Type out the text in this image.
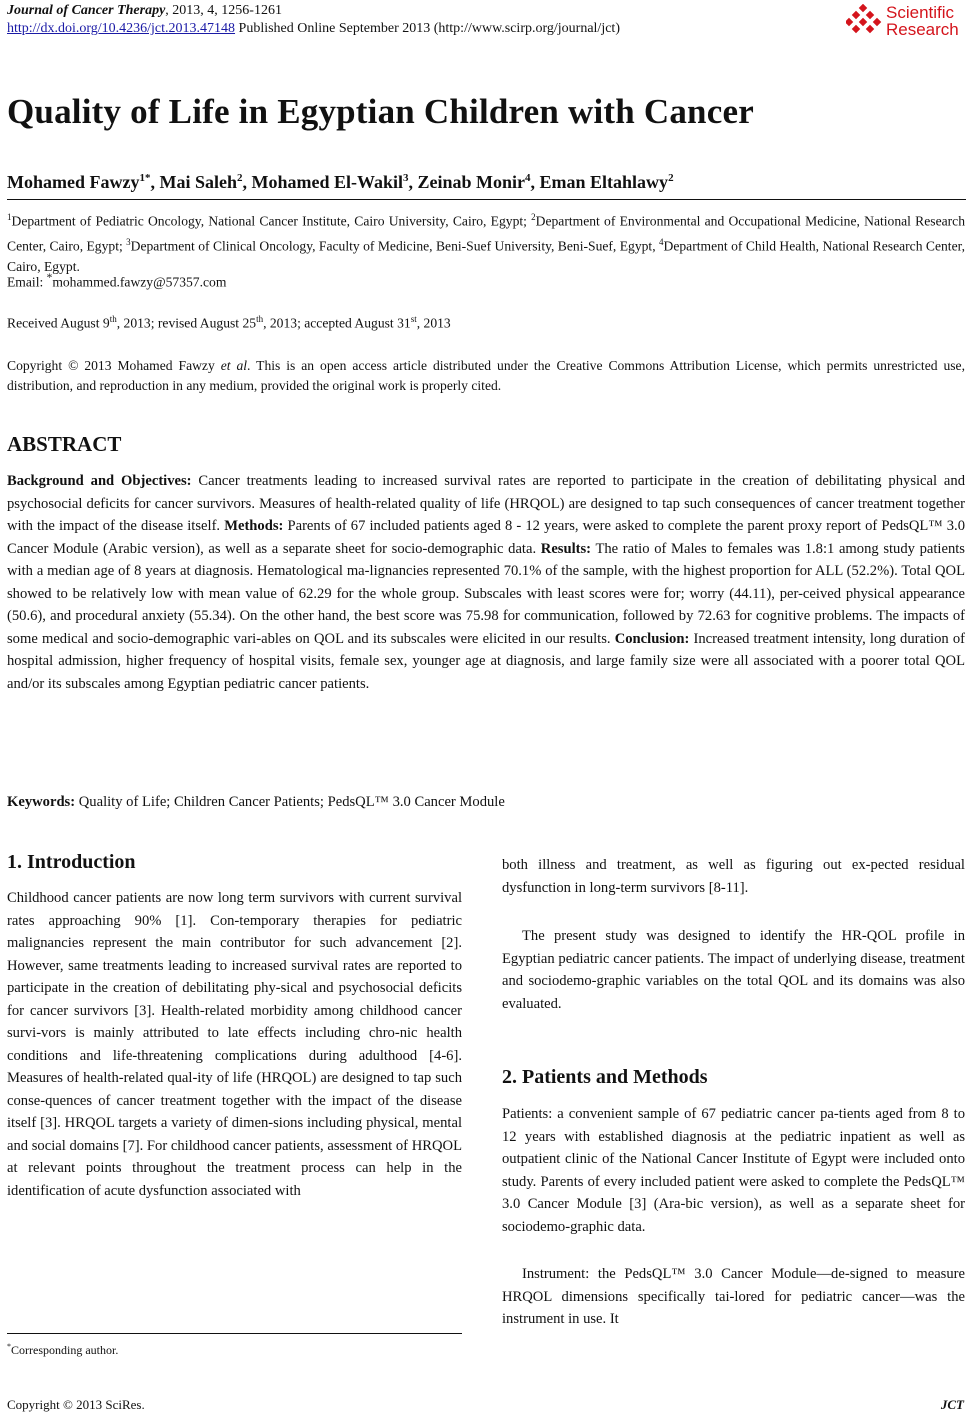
Journal of Cancer Therapy, 2013, 4, 1256-1261
http://dx.doi.org/10.4236/jct.2013.47148 Published Online September 2013 (http://www.scirp.org/journal/jct)
Scientific
Research
Quality of Life in Egyptian Children with Cancer
Mohamed Fawzy$^{1*}$, Mai Saleh$^2$, Mohamed El-Wakil$^3$, Zeinab Monir$^4$, Eman Eltahlawy$^2$
$^1$Department of Pediatric Oncology, National Cancer Institute, Cairo University, Cairo, Egypt; $^2$Department of Environmental and Occupational Medicine, National Research Center, Cairo, Egypt; $^3$Department of Clinical Oncology, Faculty of Medicine, Beni-Suef University, Beni-Suef, Egypt, $^4$Department of Child Health, National Research Center, Cairo, Egypt.
Email: *mohammed.fawzy@57357.com
Received August 9th, 2013; revised August 25th, 2013; accepted August 31st, 2013
Copyright © 2013 Mohamed Fawzy et al. This is an open access article distributed under the Creative Commons Attribution License, which permits unrestricted use, distribution, and reproduction in any medium, provided the original work is properly cited.
ABSTRACT

Background and Objectives: Cancer treatments leading to increased survival rates are reported to participate in the creation of debilitating physical and psychosocial deficits for cancer survivors. Measures of health-related quality of life (HRQOL) are designed to tap such consequences of cancer treatment together with the impact of the disease itself. Methods: Parents of 67 included patients aged 8 - 12 years, were asked to complete the parent proxy report of PedsQL™ 3.0 Cancer Module (Arabic version), as well as a separate sheet for socio-demographic data. Results: The ratio of Males to females was 1.8:1 among study patients with a median age of 8 years at diagnosis. Hematological ma-lignancies represented 70.1% of the sample, with the highest proportion for ALL (52.2%). Total QOL showed to be relatively low with mean value of 62.29 for the whole group. Subscales with least scores were for; worry (44.11), per-ceived physical appearance (50.6), and procedural anxiety (55.34). On the other hand, the best score was 75.98 for communication, followed by 72.63 for cognitive problems. The impacts of some medical and socio-demographic vari-ables on QOL and its subscales were elicited in our results. Conclusion: Increased treatment intensity, long duration of hospital admission, higher frequency of hospital visits, female sex, younger age at diagnosis, and large family size were all associated with a poorer total QOL and/or its subscales among Egyptian pediatric cancer patients.

Keywords: Quality of Life; Children Cancer Patients; PedsQL™ 3.0 Cancer Module
1. Introduction

Childhood cancer patients are now long term survivors with current survival rates approaching 90% [1]. Con-temporary therapies for pediatric malignancies represent the main contributor for such advancement [2]. However, same treatments leading to increased survival rates are reported to participate in the creation of debilitating phy-sical and psychosocial deficits for cancer survivors [3]. Health-related morbidity among childhood cancer survi-vors is mainly attributed to late effects including chro-nic health conditions and life-threatening complications during adulthood [4-6]. Measures of health-related qual-ity of life (HRQOL) are designed to tap such conse-quences of cancer treatment together with the impact of the disease itself [3]. HRQOL targets a variety of dimen-sions including physical, mental and social domains [7]. For childhood cancer patients, assessment of HRQOL at relevant points throughout the treatment process can help in the identification of acute dysfunction associated with

*Corresponding author.

both illness and treatment, as well as figuring out ex-pected residual dysfunction in long-term survivors [8-11].

The present study was designed to identify the HR-QOL profile in Egyptian pediatric cancer patients. The impact of underlying disease, treatment and sociodemo-graphic variables on the total QOL and its domains was also evaluated.

2. Patients and Methods

Patients: a convenient sample of 67 pediatric cancer pa-tients aged from 8 to 12 years with established diagnosis at the pediatric inpatient as well as outpatient clinic of the National Cancer Institute of Egypt were included onto study. Parents of every included patient were asked to complete the PedsQL™ 3.0 Cancer Module [3] (Ara-bic version), as well as a separate sheet for sociodemo-graphic data.

Instrument: the PedsQL™ 3.0 Cancer Module—de-signed to measure HRQOL dimensions specifically tai-lored for pediatric cancer—was the instrument in use. It

Copyright © 2013 SciRes.	JCT
